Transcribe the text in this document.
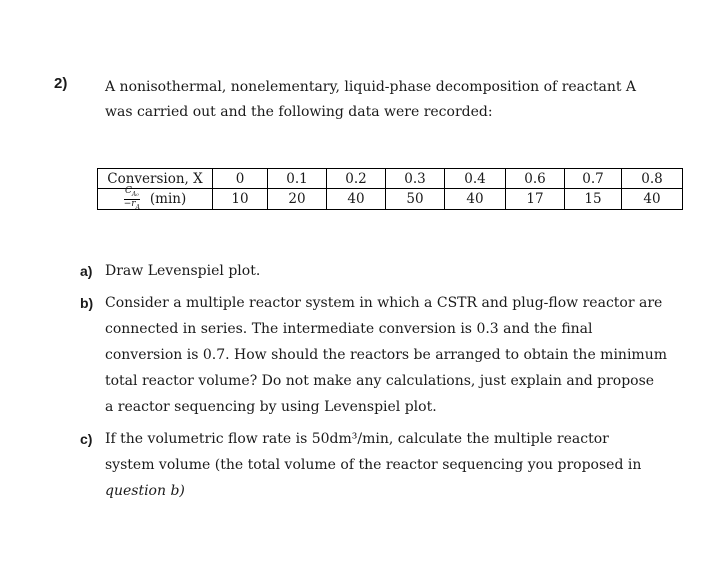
2)	A nonisothermal, nonelementary, liquid-phase decomposition of reactant A
was carried out and the following data were recorded:
Conversion, X	0	0.1	0.2	0.3	0.4	0.6	0.7	0.8

$\frac{C_{A_0}}{-r_A} (\min)$	10	20	40	50	40	17	15	40
a) Draw Levenspiel plot.
b) Consider a multiple reactor system in which a CSTR and plug-flow reactor are
connected in series. The intermediate conversion is 0.3 and the final
conversion is 0.7. How should the reactors be arranged to obtain the minimum
total reactor volume? Do not make any calculations, just explain and propose
a reactor sequencing by using Levenspiel plot.
c) If the volumetric flow rate is 50dm³/min, calculate the multiple reactor
system volume (the total volume of the reactor sequencing you proposed in
question b)
